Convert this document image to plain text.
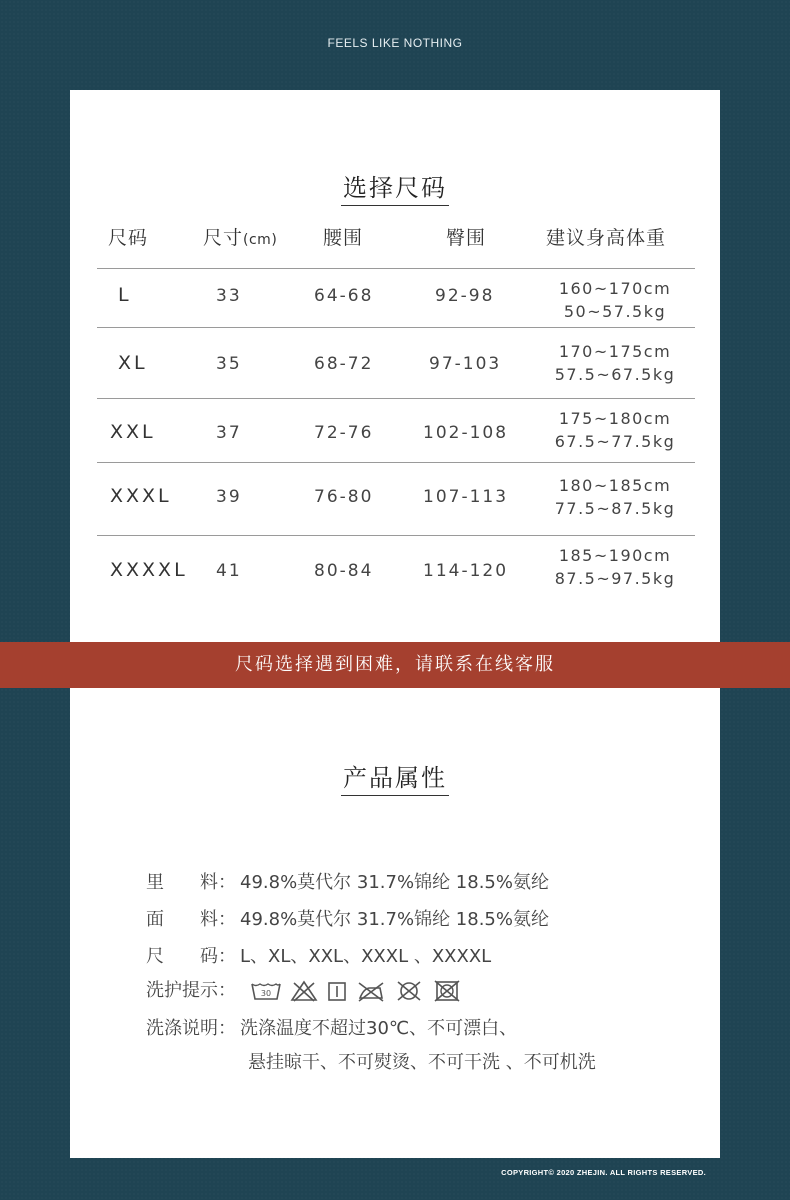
FEELS LIKE NOTHING
选择尺码
尺码	尺寸(cm) 腰围	臀围	建议身高体重
L	33	64-68	92-98	160~170cm
50~57.5kg
XL	35	68-72	97-103
170~175cm
57.5~67.5kg
XXL	37	72-76	102-108
175~180cm
67.5~77.5kg
XXXL	39	76-80	107-113
180~185cm
77.5~87.5kg
XXXXL 41	80-84	114-120
185~190cm
87.5~97.5kg
尺码选择遇到困难，请联系在线客服
产品属性
里　　料： 49.8%莫代尔 31.7%锦纶 18.5%氨纶
面　　料： 49.8%莫代尔 31.7%锦纶 18.5%氨纶
尺　　码： L、XL、XXL、XXXL 、XXXXL
洗护提示：	30
洗涤说明： 洗涤温度不超过30℃、不可漂白、
悬挂晾干、不可熨烫、不可干洗 、不可机洗
COPYRIGHT© 2020 ZHEJIN. ALL RIGHTS RESERVED.
